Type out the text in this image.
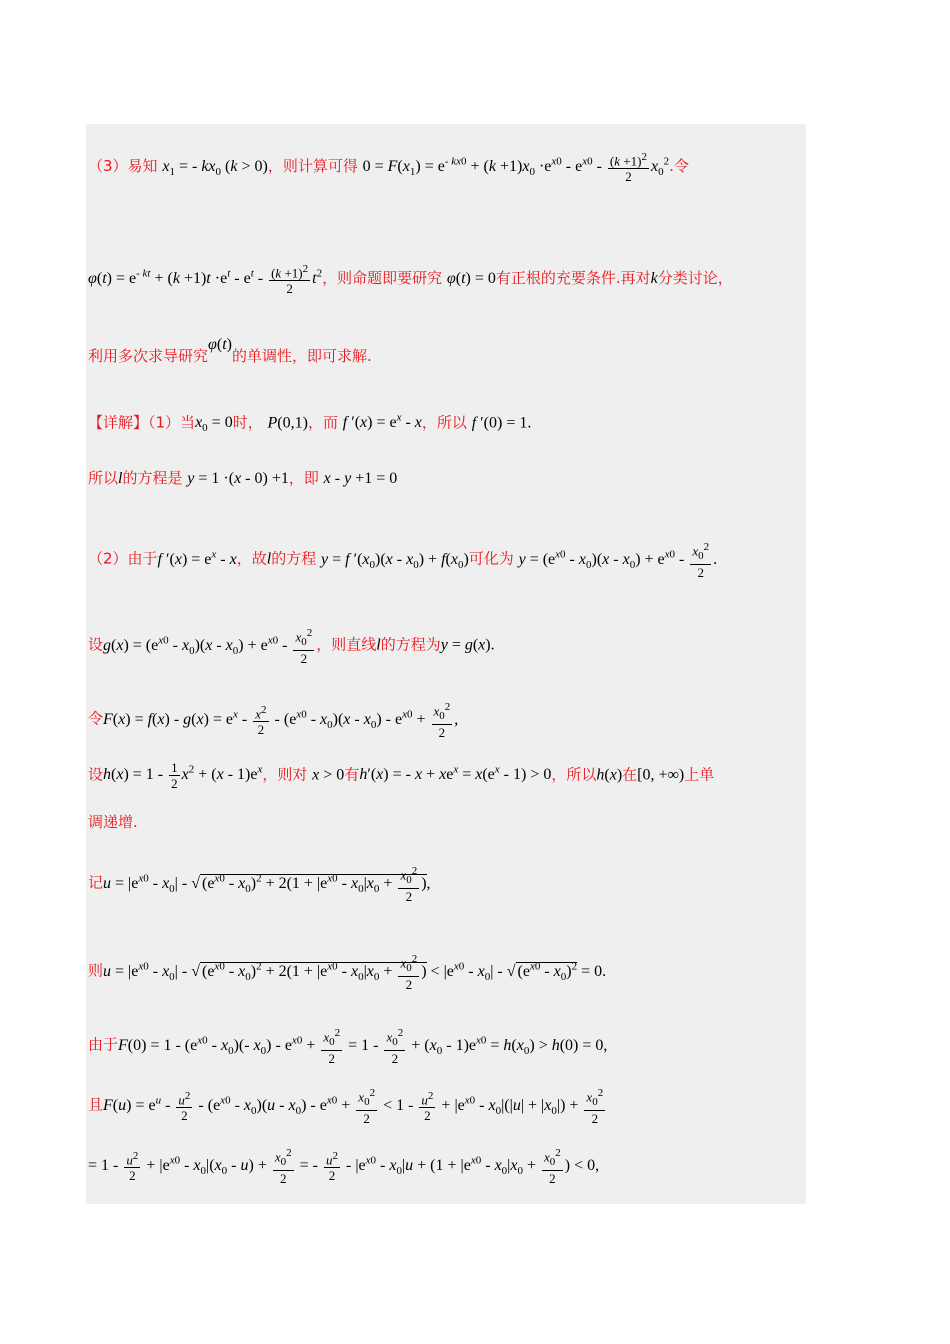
（3）易知 $x_1$ = - $kx_0$ (k > 0)，则计算可得 $0 = F(x_1) = e^{- kx0} + (k +1)x_0 \cdot e^{x0} - e^{x0} - \frac{(k +1)^2}{2} x_0^2$.令
$\varphi(t) = e^{- kt} + (k +1)t \cdot e^t - e^t - \frac{(k +1)^2}{2} t^2$，则命题即要研究 φ(t) = 0有正根的充要条件.再对k分类讨论，
利用多次求导研究φ(t)的单调性，即可求解.
【详解】（1）当$x_0 = 0$时， P(0,1)，而 f $'(x) = e^x - x$，所以 f ′(0) = 1.
所以l的方程是 y = 1 ·(x - 0) +1，即 x - y +1 = 0
（2）由于f $'(x) = e^x - x$，故l的方程 y = f $'(x_0)(x - x_0) + f(x_0)$可化为 $y = (e^{x0} - x_0)(x - x_0) + e^{x0} - \frac{x_0^2}{2}$ .
设$g(x) = (e^{x0} - x_0)(x - x_0) + e^{x0} - \frac{x_0^2}{2}$ ，则直线l的方程为y = g(x).
令$F(x) = f(x) - g(x) = e^x - \frac{x^2}{2} - (e^{x0} - x_0)(x - x_0) - e^{x0} + \frac{x_0^2}{2}$ ,
设$h(x) = 1 - \frac{1}{2} x^2 + (x - 1)e^x$，则对 x > 0有h′(x) = - $x + xe^x = x(e^x - 1) > 0$，所以h(x)在[0, +∞)上单
调递增.
记$u = |e^{x0} - x_0|$ - √ $(e^{x0} - x_0)^2 + 2(1 + |e^{x0} - x_0|x_0 + \frac{x_0^2}{2}$ ),
则$u = |e^{x0} - x_0|$ - √ $(e^{x0} - x_0)^2 + 2(1 + |e^{x0} - x_0|x_0 + \frac{x_0^2}{2}$ ) < $|e^{x0} - x_0|$ - √ $(e^{x0} - x_0)^2 = 0$.
由于$F(0) = 1 - (e^{x0} - x_0)(-$ $x_0) - e^{x0} + \frac{x_0^2}{2} = 1 - \frac{x_0^2}{2} + (x_0 - 1)e^{x0} = h(x_0) > h(0) = 0$,
且$F(u) = e^u - \frac{u^2}{2} - (e^{x0} - x_0)(u - x_0) - e^{x0} + \frac{x_0^2}{2} < 1 - \frac{u^2}{2} + |e^{x0} - x_0|(|u| + |x_0|) + \frac{x_0^2}{2}$
= $1 - \frac{u^2}{2} + |e^{x0} - x_0|(x_0 - u) + \frac{x_0^2}{2}$ = - $\frac{u^2}{2} - |e^{x0} - x_0|u + (1 + |e^{x0} - x_0|x_0 + \frac{x_0^2}{2}$ ) < 0,
